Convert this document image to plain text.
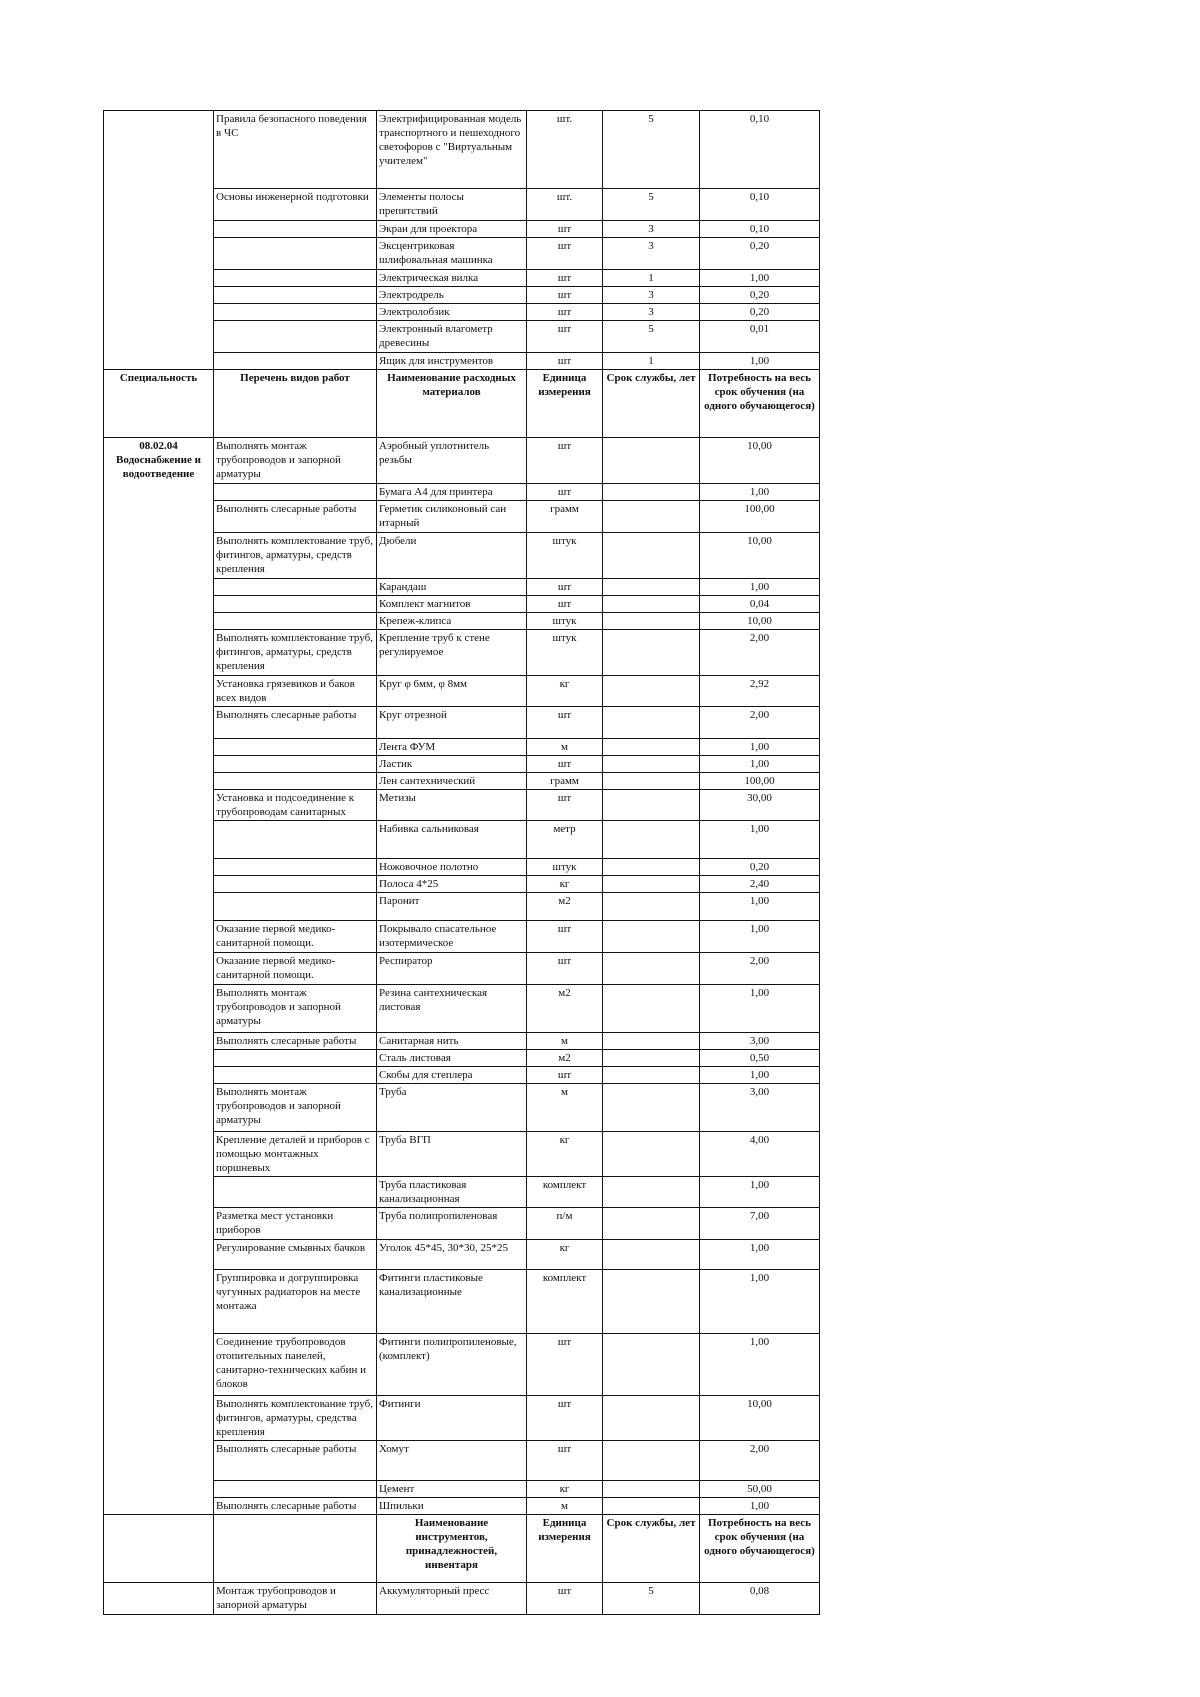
	Правила безопасного поведения в ЧС	Электрифицированная модель транспортного и пешеходного светофоров с "Виртуальным учителем"	шт.	5	0,10
	Основы инженерной подготовки	Элементы полосы препятствий	шт.	5	0,10
		Экран для проектора	шт	3	0,10
		Эксцентриковая шлифовальная машинка	шт	3	0,20
		Электрическая вилка	шт	1	1,00
		Электродрель	шт	3	0,20
		Электролобзик	шт	3	0,20
		Электронный влагометр древесины	шт	5	0,01
		Ящик для инструментов	шт	1	1,00
Специальность	Перечень видов работ	Наименование расходных материалов	Единица измерения	Срок службы, лет	Потребность на весь срок обучения (на одного обучающегося)

08.02.04
Водоснабжение и водоотведение	Выполнять монтаж трубопроводов и запорной арматуры	Аэробный уплотнитель резьбы	шт		10,00
		Бумага А4 для принтера	шт		1,00
	Выполнять слесарные работы	Герметик силиконовый сан итарный	грамм		100,00
	Выполнять комплектование труб, фитингов, арматуры, средств крепления	Дюбели	штук		10,00
		Карандаш	шт		1,00
		Комплект магнитов	шт		0,04
		Крепеж-клипса	штук		10,00
	Выполнять комплектование труб, фитингов, арматуры, средств крепления	Крепление труб к стене регулируемое	штук		2,00
	Установка грязевиков и баков всех видов	Круг φ 6мм, φ 8мм	кг		2,92
	Выполнять слесарные работы	Круг отрезной	шт		2,00
		Лента ФУМ	м		1,00
		Ластик	шт		1,00
		Лен сантехнический	грамм		100,00
	Установка и подсоединение к трубопроводам санитарных	Метизы	шт		30,00
		Набивка сальниковая	метр		1,00
		Ножовочное полотно	штук		0,20
		Полоса 4*25	кг		2,40
		Паронит	м2		1,00
	Оказание первой медико-санитарной помощи.	Покрывало спасательное изотермическое	шт		1,00
	Оказание первой медико-санитарной помощи.	Респиратор	шт		2,00
	Выполнять монтаж трубопроводов и запорной арматуры	Резина сантехническая листовая	м2		1,00
	Выполнять слесарные работы	Санитарная нить	м		3,00
		Сталь листовая	м2		0,50
		Скобы для степлера	шт		1,00
	Выполнять монтаж трубопроводов и запорной арматуры	Труба	м		3,00
	Крепление деталей и приборов с помощью монтажных поршневых	Труба ВГП	кг		4,00
		Труба пластиковая канализационная	комплект		1,00
	Разметка мест установки приборов	Труба полипропиленовая	п/м		7,00
	Регулирование смывных бачков	Уголок 45*45, 30*30, 25*25	кг		1,00
	Группировка и догруппировка чугунных радиаторов на месте монтажа	Фитинги пластиковые канализационные	комплект		1,00
	Соединение трубопроводов отопительных панелей, санитарно-технических кабин и блоков	Фитинги полипропиленовые, (комплект)	шт		1,00
	Выполнять комплектование труб, фитингов, арматуры, средства крепления	Фитинги	шт		10,00
	Выполнять слесарные работы	Хомут	шт		2,00
		Цемент	кг		50,00
	Выполнять слесарные работы	Шпильки	м		1,00
		Наименование инструментов, принадлежностей, инвентаря	Единица измерения	Срок службы, лет	Потребность на весь срок обучения (на одного обучающегося)
	Монтаж трубопроводов и запорной арматуры	Аккумуляторный пресс	шт	5	0,08
